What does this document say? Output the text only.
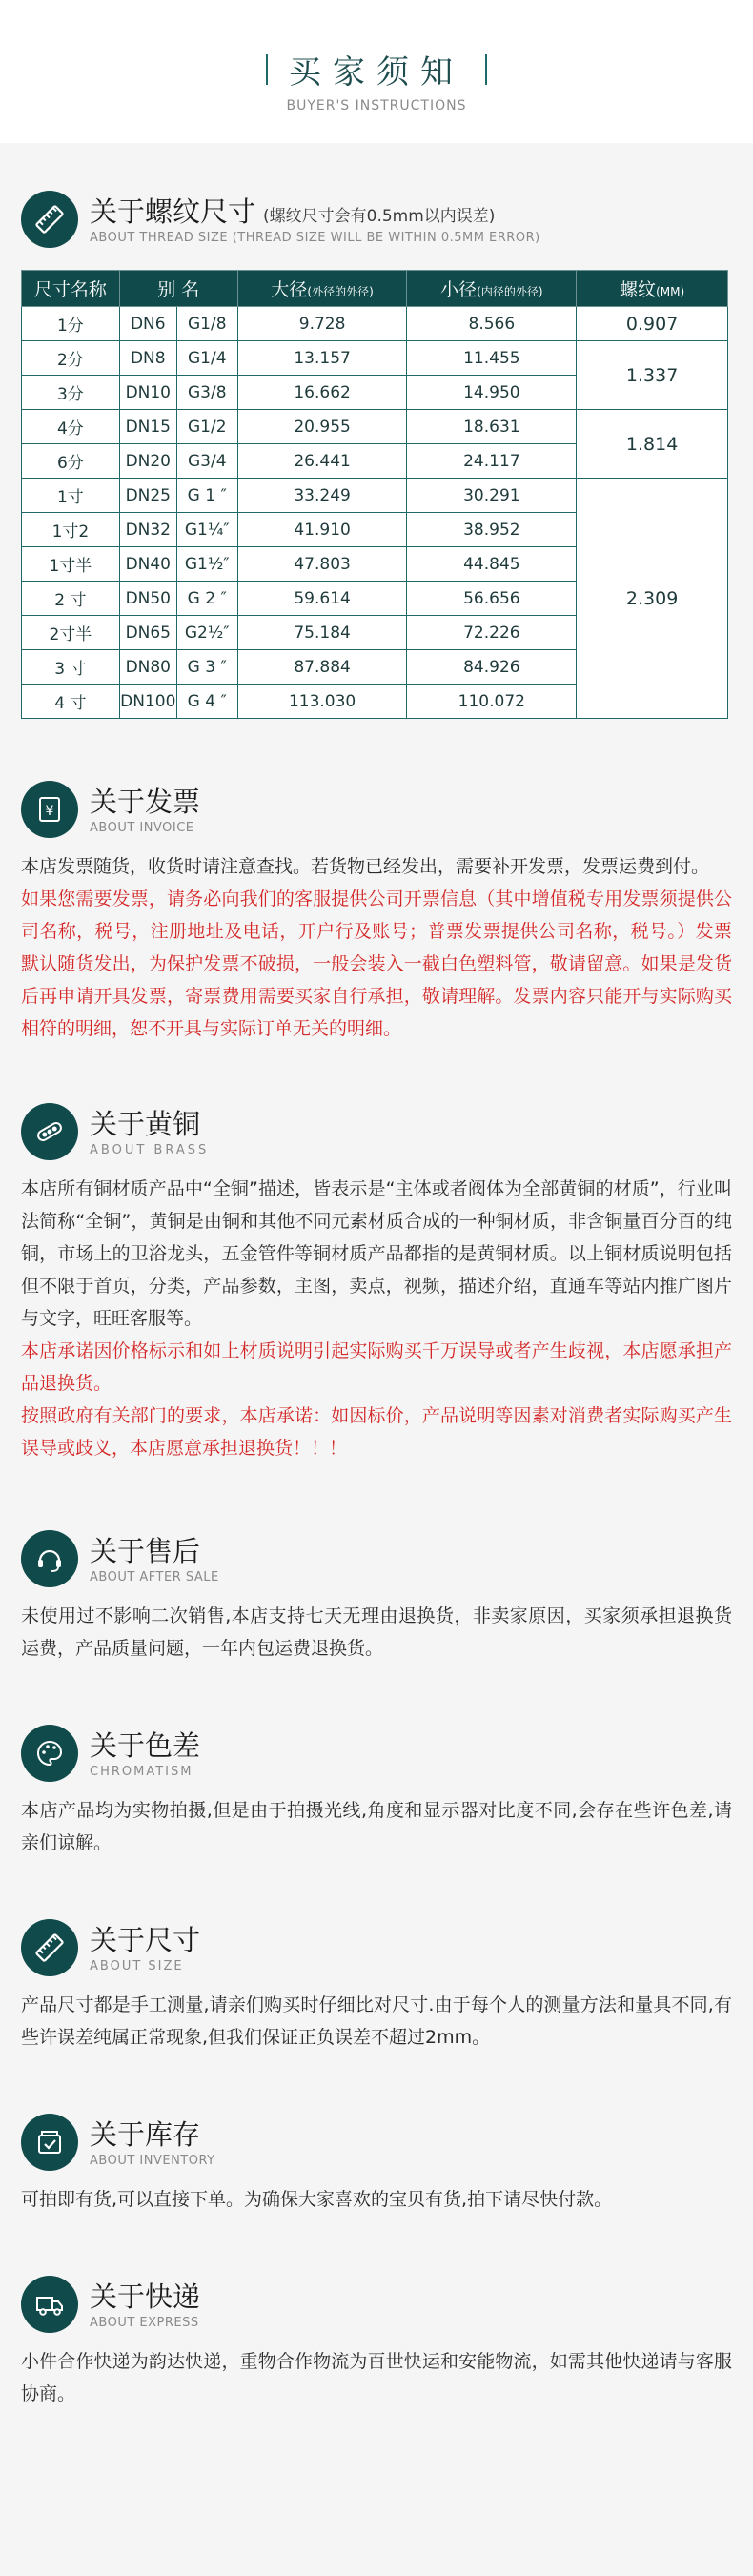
买家须知
BUYER'S INSTRUCTIONS
关于螺纹尺寸 (螺纹尺寸会有0.5mm以内误差)
ABOUT THREAD SIZE (THREAD SIZE WILL BE WITHIN 0.5MM ERROR)
尺寸名称	别 名		大径(外径的外径)	小径(内径的外径)	螺纹(MM)
1分	DN6	G1/8	9.728	8.566	0.907
2分	DN8	G1/4	13.157	11.455	1.337
3分	DN10	G3/8	16.662	14.950	
4分	DN15	G1/2	20.955	18.631	1.814
6分	DN20	G3/4	26.441	24.117	
1寸	DN25	G 1 ″	33.249	30.291	2.309
1寸2	DN32	G1¼″	41.910	38.952	
1寸半	DN40	G1½″	47.803	44.845	
2 寸	DN50	G 2 ″	59.614	56.656	
2寸半	DN65	G2½″	75.184	72.226	
3 寸	DN80	G 3 ″	87.884	84.926	
4 寸	DN100	G 4 ″	113.030	110.072	
¥ 关于发票
ABOUT INVOICE

本店发票随货，收货时请注意查找。若货物已经发出，需要补开发票，发票运费到付。

如果您需要发票，请务必向我们的客服提供公司开票信息（其中增值税专用发票须提供公司名称，税号，注册地址及电话，开户行及账号；普票发票提供公司名称，税号。）发票默认随货发出，为保护发票不破损，一般会装入一截白色塑料管，敬请留意。如果是发货后再申请开具发票，寄票费用需要买家自行承担，敬请理解。发票内容只能开与实际购买相符的明细，恕不开具与实际订单无关的明细。

关于黄铜
ABOUT BRASS

本店所有铜材质产品中“全铜”描述，皆表示是“主体或者阀体为全部黄铜的材质”，行业叫法简称“全铜”，黄铜是由铜和其他不同元素材质合成的一种铜材质，非含铜量百分百的纯铜，市场上的卫浴龙头，五金管件等铜材质产品都指的是黄铜材质。以上铜材质说明包括但不限于首页，分类，产品参数，主图，卖点，视频，描述介绍，直通车等站内推广图片与文字，旺旺客服等。

本店承诺因价格标示和如上材质说明引起实际购买千万误导或者产生歧视，本店愿承担产品退换货。

按照政府有关部门的要求，本店承诺：如因标价，产品说明等因素对消费者实际购买产生误导或歧义，本店愿意承担退换货！！！

关于售后
ABOUT AFTER SALE

未使用过不影响二次销售,本店支持七天无理由退换货，非卖家原因，买家须承担退换货运费，产品质量问题，一年内包运费退换货。

关于色差
CHROMATISM

本店产品均为实物拍摄,但是由于拍摄光线,角度和显示器对比度不同,会存在些许色差,请亲们谅解。

关于尺寸
ABOUT SIZE

产品尺寸都是手工测量,请亲们购买时仔细比对尺寸.由于每个人的测量方法和量具不同,有些许误差纯属正常现象,但我们保证正负误差不超过2mm。

关于库存
ABOUT INVENTORY

可拍即有货,可以直接下单。为确保大家喜欢的宝贝有货,拍下请尽快付款。

关于快递
ABOUT EXPRESS

小件合作快递为韵达快递，重物合作物流为百世快运和安能物流，如需其他快递请与客服协商。
